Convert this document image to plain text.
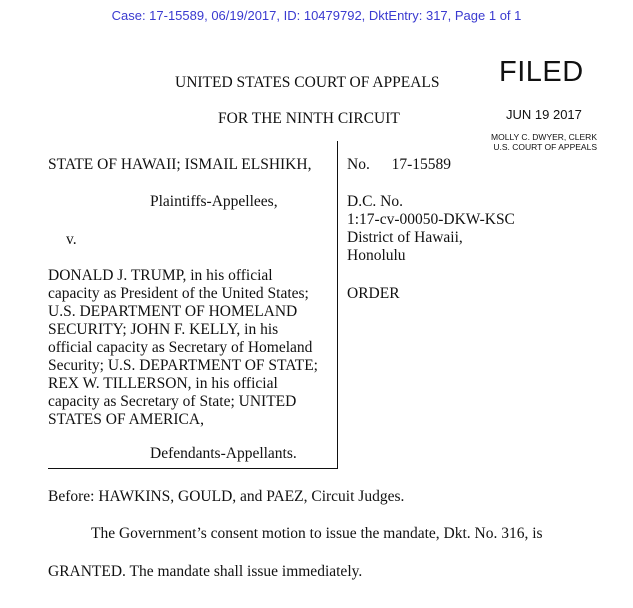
Case: 17-15589, 06/19/2017, ID: 10479792, DktEntry: 317, Page 1 of 1
UNITED STATES COURT OF APPEALS
FOR THE NINTH CIRCUIT
FILED
JUN 19 2017
MOLLY C. DWYER, CLERK
U.S. COURT OF APPEALS
STATE OF HAWAII; ISMAIL ELSHIKH,
Plaintiffs-Appellees,
v.
DONALD J. TRUMP, in his official
capacity as President of the United States;
U.S. DEPARTMENT OF HOMELAND
SECURITY; JOHN F. KELLY, in his
official capacity as Secretary of Homeland
Security; U.S. DEPARTMENT OF STATE;
REX W. TILLERSON, in his official
capacity as Secretary of State; UNITED
STATES OF AMERICA,
Defendants-Appellants.
No. 17-15589
D.C. No.
1:17-cv-00050-DKW-KSC
District of Hawaii,
Honolulu
ORDER
Before: HAWKINS, GOULD, and PAEZ, Circuit Judges.
The Government’s consent motion to issue the mandate, Dkt. No. 316, is
GRANTED. The mandate shall issue immediately.
